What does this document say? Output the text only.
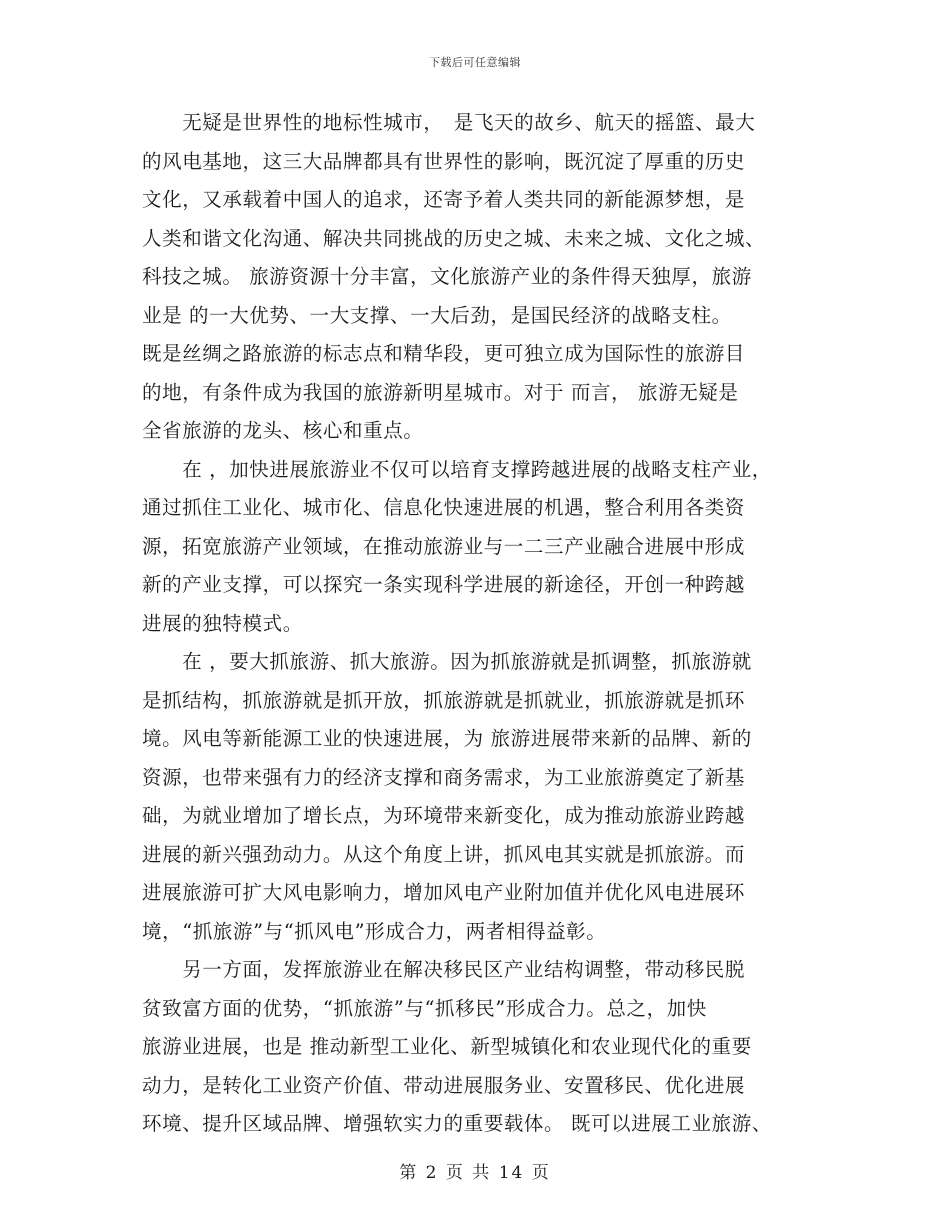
下载后可任意编辑
　　无疑是世界性的地标性城市，　是飞天的故乡、航天的摇篮、最大
的风电基地，这三大品牌都具有世界性的影响，既沉淀了厚重的历史
文化，又承载着中国人的追求，还寄予着人类共同的新能源梦想，是
人类和谐文化沟通、解决共同挑战的历史之城、未来之城、文化之城、
科技之城。 旅游资源十分丰富，文化旅游产业的条件得天独厚，旅游
业是 的一大优势、一大支撑、一大后劲，是国民经济的战略支柱。
既是丝绸之路旅游的标志点和精华段，更可独立成为国际性的旅游目
的地，有条件成为我国的旅游新明星城市。对于 而言， 旅游无疑是
全省旅游的龙头、核心和重点。
　　在 ，加快进展旅游业不仅可以培育支撑跨越进展的战略支柱产业，
通过抓住工业化、城市化、信息化快速进展的机遇，整合利用各类资
源，拓宽旅游产业领域，在推动旅游业与一二三产业融合进展中形成
新的产业支撑，可以探究一条实现科学进展的新途径，开创一种跨越
进展的独特模式。
　　在 ，要大抓旅游、抓大旅游。因为抓旅游就是抓调整，抓旅游就
是抓结构，抓旅游就是抓开放，抓旅游就是抓就业，抓旅游就是抓环
境。风电等新能源工业的快速进展，为 旅游进展带来新的品牌、新的
资源，也带来强有力的经济支撑和商务需求，为工业旅游奠定了新基
础，为就业增加了增长点，为环境带来新变化，成为推动旅游业跨越
进展的新兴强劲动力。从这个角度上讲，抓风电其实就是抓旅游。而
进展旅游可扩大风电影响力，增加风电产业附加值并优化风电进展环
境，“抓旅游”与“抓风电”形成合力，两者相得益彰。
　　另一方面，发挥旅游业在解决移民区产业结构调整，带动移民脱
贫致富方面的优势，“抓旅游”与“抓移民”形成合力。总之，加快
旅游业进展，也是 推动新型工业化、新型城镇化和农业现代化的重要
动力，是转化工业资产价值、带动进展服务业、安置移民、优化进展
环境、提升区域品牌、增强软实力的重要载体。 既可以进展工业旅游、
第 2 页 共 14 页
